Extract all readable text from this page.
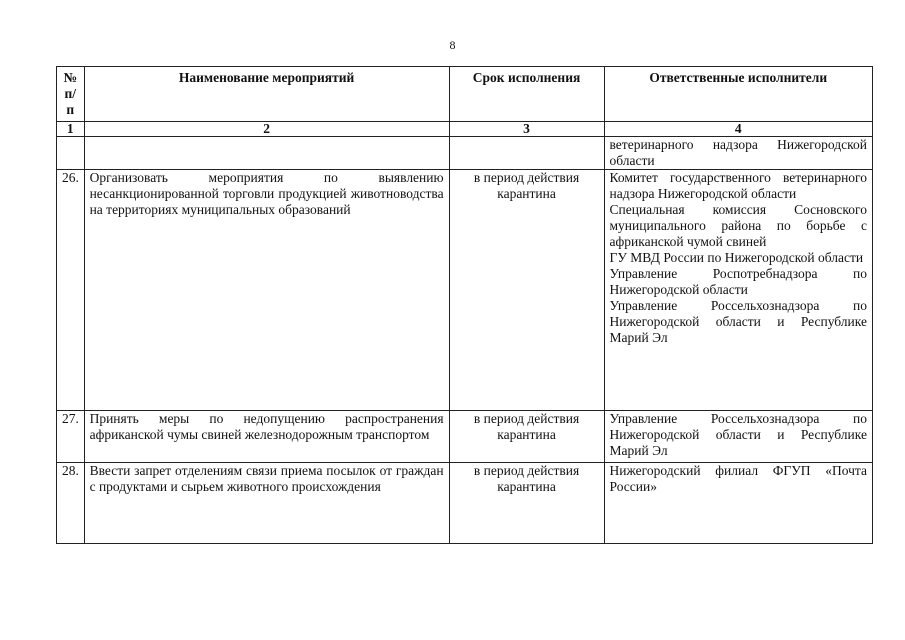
8
№ п/п	Наименование мероприятий	Срок исполнения	Ответственные исполнители
1	2	3	4

			ветеринарного надзора Нижегородской области

26.	Организовать мероприятия по выявлению несанкционированной торговли продукцией животноводства на территориях муниципальных образований	в период действия карантина	Комитет государственного ветеринарного надзора Нижегородской области

Специальная комиссия Сосновского муниципального района по борьбе с африканской чумой свиней

ГУ МВД России по Нижегородской области

Управление Роспотребнадзора по Нижегородской области

Управление Россельхознадзора по Нижегородской области и Республике Марий Эл

27.	Принять меры по недопущению распространения африканской чумы свиней железнодорожным транспортом	в период действия карантина	Управление Россельхознадзора по Нижегородской области и Республике Марий Эл

28.	Ввести запрет отделениям связи приема посылок от граждан с продуктами и сырьем животного происхождения	в период действия карантина	Нижегородский филиал ФГУП «Почта России»
